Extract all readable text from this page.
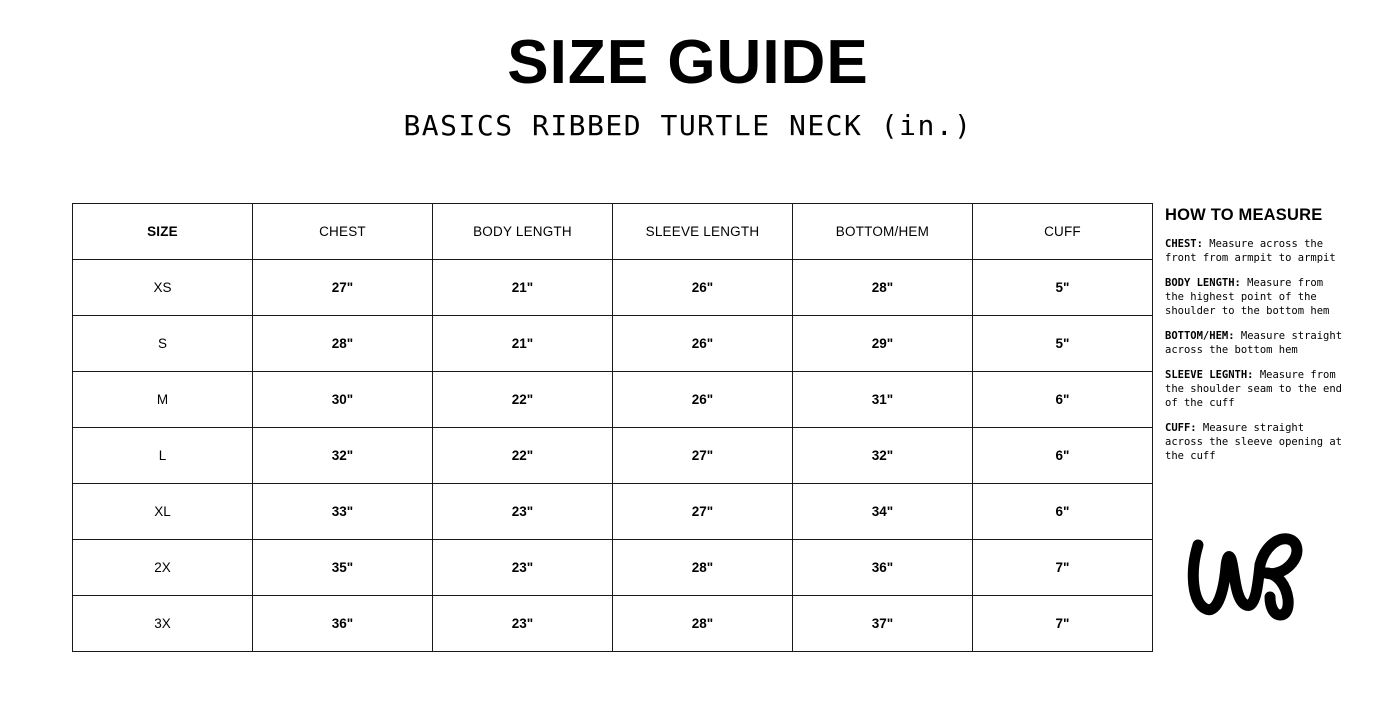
SIZE GUIDE
BASICS RIBBED TURTLE NECK (in.)
SIZE	CHEST	BODY LENGTH	SLEEVE LENGTH	BOTTOM/HEM	CUFF
XS	27"	21"	26"	28"	5"
S	28"	21"	26"	29"	5"
M	30"	22"	26"	31"	6"
L	32"	22"	27"	32"	6"
XL	33"	23"	27"	34"	6"
2X	35"	23"	28"	36"	7"
3X	36"	23"	28"	37"	7"
HOW TO MEASURE

CHEST: Measure across the front from armpit to armpit

BODY LENGTH: Measure from the highest point of the shoulder to the bottom hem

BOTTOM/HEM: Measure straight across the bottom hem

SLEEVE LEGNTH: Measure from the shoulder seam to the end of the cuff

CUFF: Measure straight across the sleeve opening at the cuff
